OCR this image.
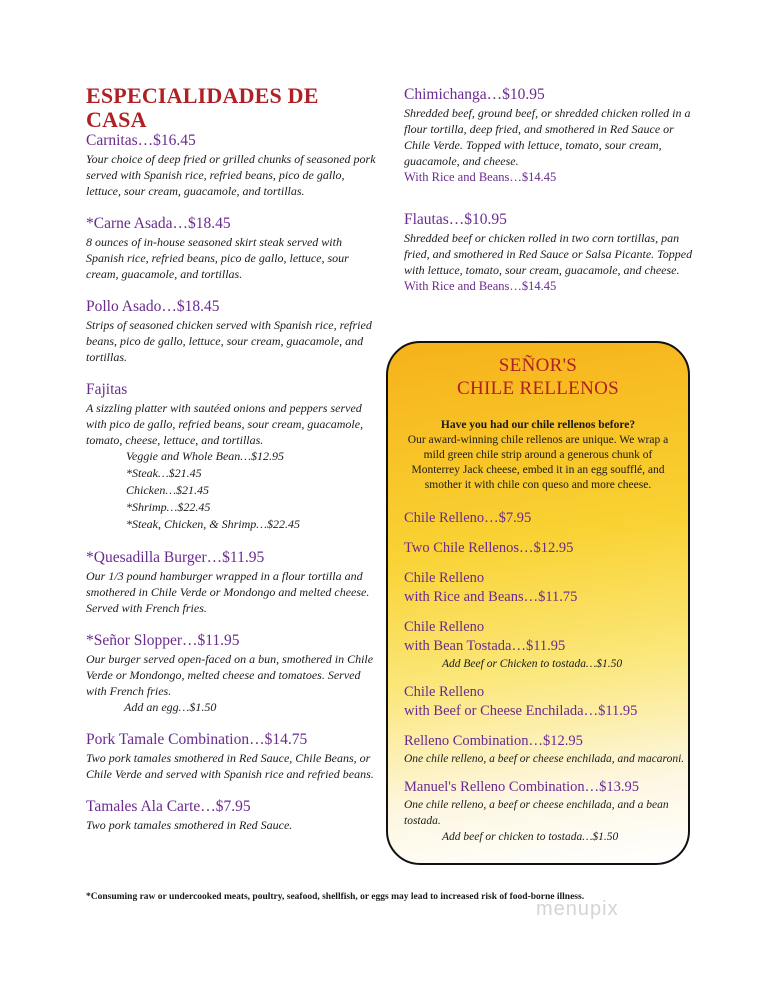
ESPECIALIDADES DE CASA
Carnitas…$16.45
Your choice of deep fried or grilled chunks of seasoned pork served with Spanish rice, refried beans, pico de gallo, lettuce, sour cream, guacamole, and tortillas.
*Carne Asada…$18.45
8 ounces of in-house seasoned skirt steak served with Spanish rice, refried beans, pico de gallo, lettuce, sour cream, guacamole, and tortillas.
Pollo Asado…$18.45
Strips of seasoned chicken served with Spanish rice, refried beans, pico de gallo, lettuce, sour cream, guacamole, and tortillas.
Fajitas
A sizzling platter with sautéed onions and peppers served with pico de gallo, refried beans, sour cream, guacamole, tomato, cheese, lettuce, and tortillas.
Veggie and Whole Bean…$12.95
*Steak…$21.45
Chicken…$21.45
*Shrimp…$22.45
*Steak, Chicken, & Shrimp…$22.45
*Quesadilla Burger…$11.95
Our 1/3 pound hamburger wrapped in a flour tortilla and smothered in Chile Verde or Mondongo and melted cheese. Served with French fries.
*Señor Slopper…$11.95
Our burger served open-faced on a bun, smothered in Chile Verde or Mondongo, melted cheese and tomatoes. Served with French fries.
Add an egg…$1.50
Pork Tamale Combination…$14.75
Two pork tamales smothered in Red Sauce, Chile Beans, or Chile Verde and served with Spanish rice and refried beans.
Tamales Ala Carte…$7.95
Two pork tamales smothered in Red Sauce.
Chimichanga…$10.95
Shredded beef, ground beef, or shredded chicken rolled in a flour tortilla, deep fried, and smothered in Red Sauce or Chile Verde. Topped with lettuce, tomato, sour cream, guacamole, and cheese.
With Rice and Beans…$14.45
Flautas…$10.95
Shredded beef or chicken rolled in two corn tortillas, pan fried, and smothered in Red Sauce or Salsa Picante. Topped with lettuce, tomato, sour cream, guacamole, and cheese.
With Rice and Beans…$14.45
SEÑOR'S
CHILE RELLENOS
Have you had our chile rellenos before?
Our award-winning chile rellenos are unique. We wrap a mild green chile strip around a generous chunk of Monterrey Jack cheese, embed it in an egg soufflé, and smother it with chile con queso and more cheese.
Chile Relleno…$7.95
Two Chile Rellenos…$12.95
Chile Relleno
with Rice and Beans…$11.75
Chile Relleno
with Bean Tostada…$11.95
Add Beef or Chicken to tostada…$1.50
Chile Relleno
with Beef or Cheese Enchilada…$11.95
Relleno Combination…$12.95
One chile relleno, a beef or cheese enchilada, and macaroni.
Manuel's Relleno Combination…$13.95
One chile relleno, a beef or cheese enchilada, and a bean tostada.
Add beef or chicken to tostada…$1.50
*Consuming raw or undercooked meats, poultry, seafood, shellfish, or eggs may lead to increased risk of food-borne illness.
menupix
